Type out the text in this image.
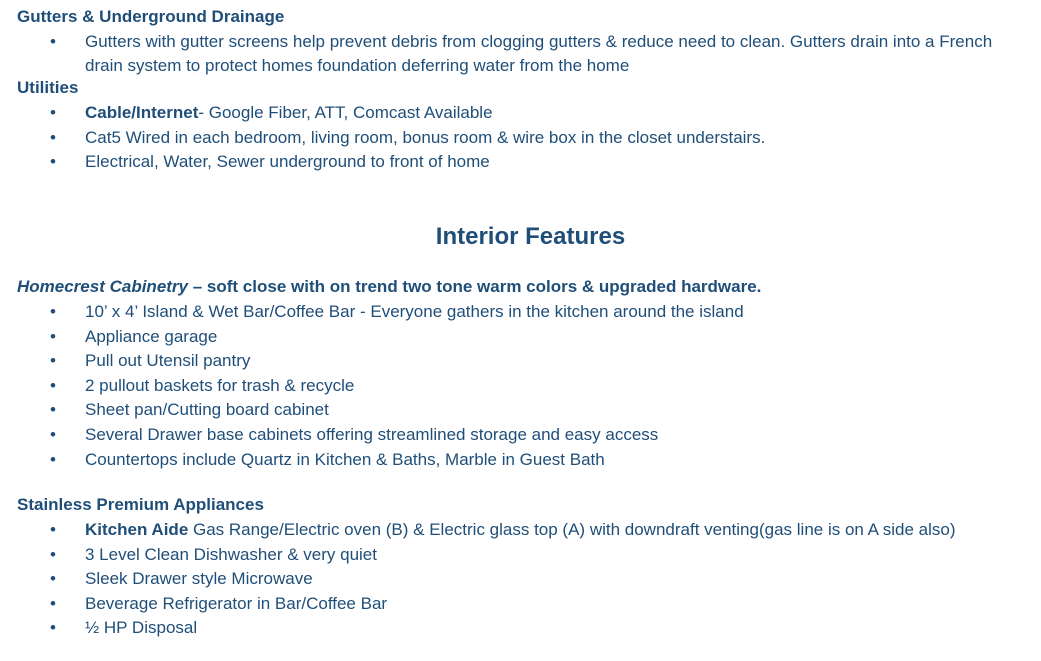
Gutters & Underground Drainage
•	Gutters with gutter screens help prevent debris from clogging gutters & reduce need to clean. Gutters drain into a French drain system to protect homes foundation deferring water from the home
Utilities
•	Cable/Internet- Google Fiber, ATT, Comcast Available
•	Cat5 Wired in each bedroom, living room, bonus room & wire box in the closet understairs.
•	Electrical, Water, Sewer underground to front of home
Interior Features
Homecrest Cabinetry – soft close with on trend two tone warm colors & upgraded hardware.
•	10’ x 4’ Island & Wet Bar/Coffee Bar - Everyone gathers in the kitchen around the island
•	Appliance garage
•	Pull out Utensil pantry
•	2 pullout baskets for trash & recycle
•	Sheet pan/Cutting board cabinet
•	Several Drawer base cabinets offering streamlined storage and easy access
•	Countertops include Quartz in Kitchen & Baths, Marble in Guest Bath
Stainless Premium Appliances
•	Kitchen Aide Gas Range/Electric oven (B) & Electric glass top (A) with downdraft venting(gas line is on A side also)
•	3 Level Clean Dishwasher & very quiet
•	Sleek Drawer style Microwave
•	Beverage Refrigerator in Bar/Coffee Bar
•	½ HP Disposal
